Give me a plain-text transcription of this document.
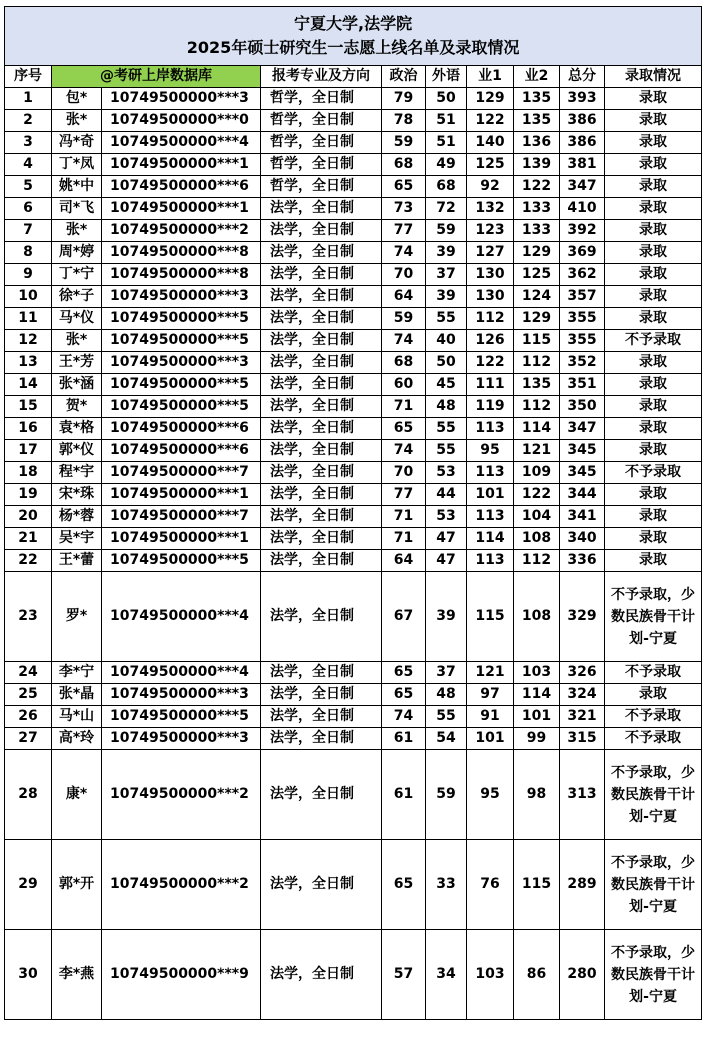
宁夏大学,法学院
2025年硕士研究生一志愿上线名单及录取情况									

序号	@考研上岸数据库		报考专业及方向	政治	外语	业1	业2	总分	录取情况
1	包*	10749500000***3	哲学，全日制	79	50	129	135	393	录取
2	张*	10749500000***0	哲学，全日制	78	51	122	135	386	录取
3	冯*奇	10749500000***4	哲学，全日制	59	51	140	136	386	录取
4	丁*凤	10749500000***1	哲学，全日制	68	49	125	139	381	录取
5	姚*中	10749500000***6	哲学，全日制	65	68	92	122	347	录取
6	司*飞	10749500000***1	法学，全日制	73	72	132	133	410	录取
7	张*	10749500000***2	法学，全日制	77	59	123	133	392	录取
8	周*婷	10749500000***8	法学，全日制	74	39	127	129	369	录取
9	丁*宁	10749500000***8	法学，全日制	70	37	130	125	362	录取
10	徐*子	10749500000***3	法学，全日制	64	39	130	124	357	录取
11	马*仪	10749500000***5	法学，全日制	59	55	112	129	355	录取
12	张*	10749500000***5	法学，全日制	74	40	126	115	355	不予录取
13	王*芳	10749500000***3	法学，全日制	68	50	122	112	352	录取
14	张*涵	10749500000***5	法学，全日制	60	45	111	135	351	录取
15	贺*	10749500000***5	法学，全日制	71	48	119	112	350	录取
16	袁*格	10749500000***6	法学，全日制	65	55	113	114	347	录取
17	郭*仪	10749500000***6	法学，全日制	74	55	95	121	345	录取
18	程*宇	10749500000***7	法学，全日制	70	53	113	109	345	不予录取
19	宋*珠	10749500000***1	法学，全日制	77	44	101	122	344	录取
20	杨*蓉	10749500000***7	法学，全日制	71	53	113	104	341	录取
21	吴*宇	10749500000***1	法学，全日制	71	47	114	108	340	录取
22	王*蕾	10749500000***5	法学，全日制	64	47	113	112	336	录取
23	罗*	10749500000***4	法学，全日制	67	39	115	108	329	不予录取，少数民族骨干计划-宁夏
24	李*宁	10749500000***4	法学，全日制	65	37	121	103	326	不予录取
25	张*晶	10749500000***3	法学，全日制	65	48	97	114	324	录取
26	马*山	10749500000***5	法学，全日制	74	55	91	101	321	不予录取
27	高*玲	10749500000***3	法学，全日制	61	54	101	99	315	不予录取
28	康*	10749500000***2	法学，全日制	61	59	95	98	313	不予录取，少数民族骨干计划-宁夏
29	郭*开	10749500000***2	法学，全日制	65	33	76	115	289	不予录取，少数民族骨干计划-宁夏
30	李*燕	10749500000***9	法学，全日制	57	34	103	86	280	不予录取，少数民族骨干计划-宁夏
